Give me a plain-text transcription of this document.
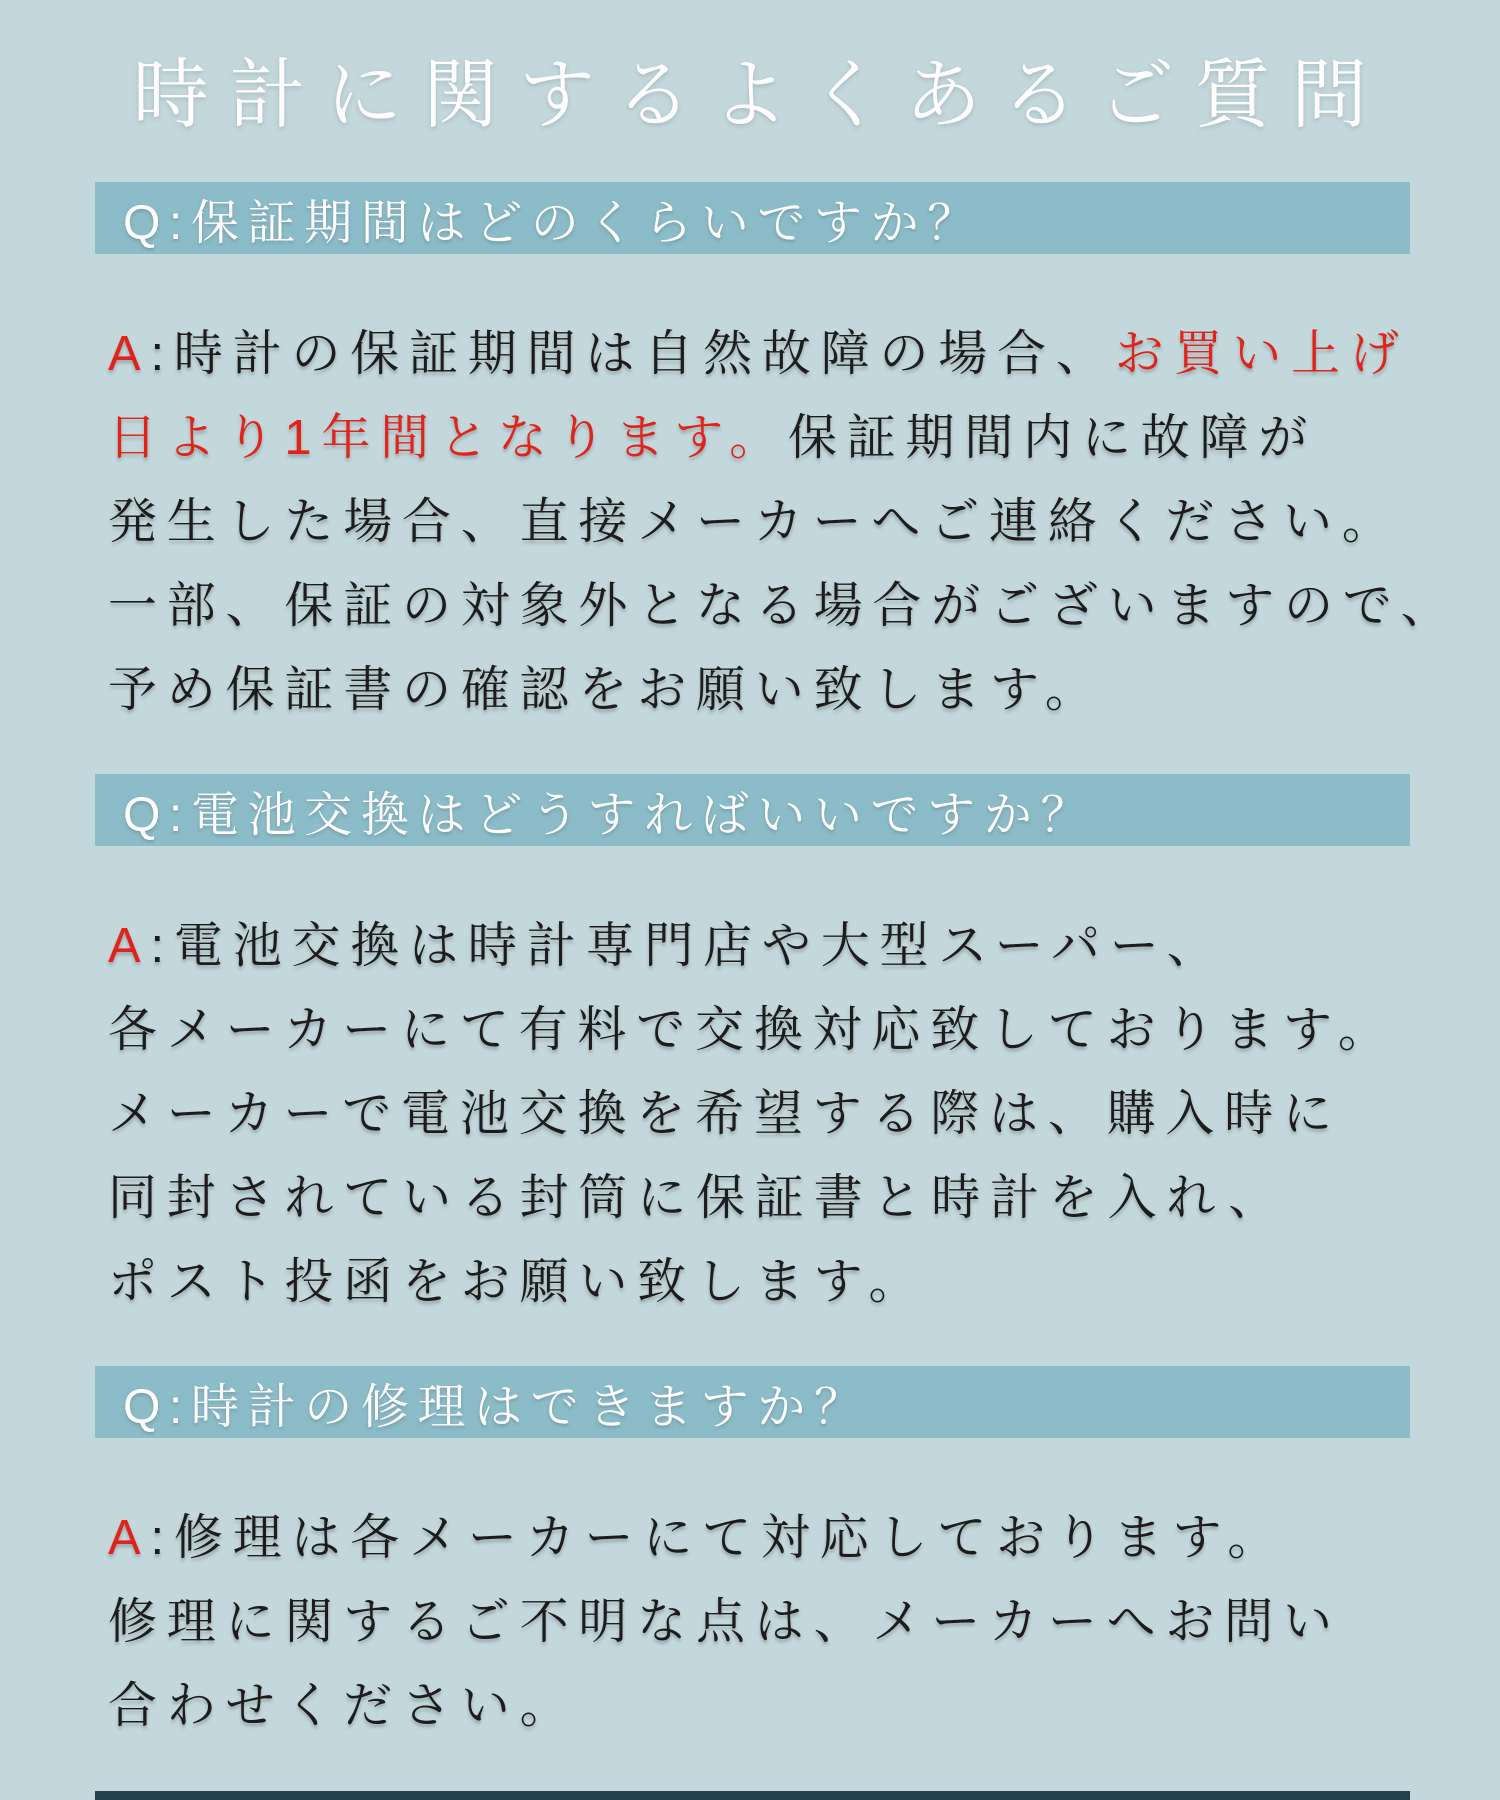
時計に関するよくあるご質問
Q:保証期間はどのくらいですか？
A:時計の保証期間は自然故障の場合、お買い上げ
日より1年間となります。保証期間内に故障が
発生した場合、直接メーカーへご連絡ください。
一部、保証の対象外となる場合がございますので、
予め保証書の確認をお願い致します。
Q:電池交換はどうすればいいですか？
A:電池交換は時計専門店や大型スーパー、
各メーカーにて有料で交換対応致しております。
メーカーで電池交換を希望する際は、購入時に
同封されている封筒に保証書と時計を入れ、
ポスト投函をお願い致します。
Q:時計の修理はできますか？
A:修理は各メーカーにて対応しております。
修理に関するご不明な点は、メーカーへお問い
合わせください。
